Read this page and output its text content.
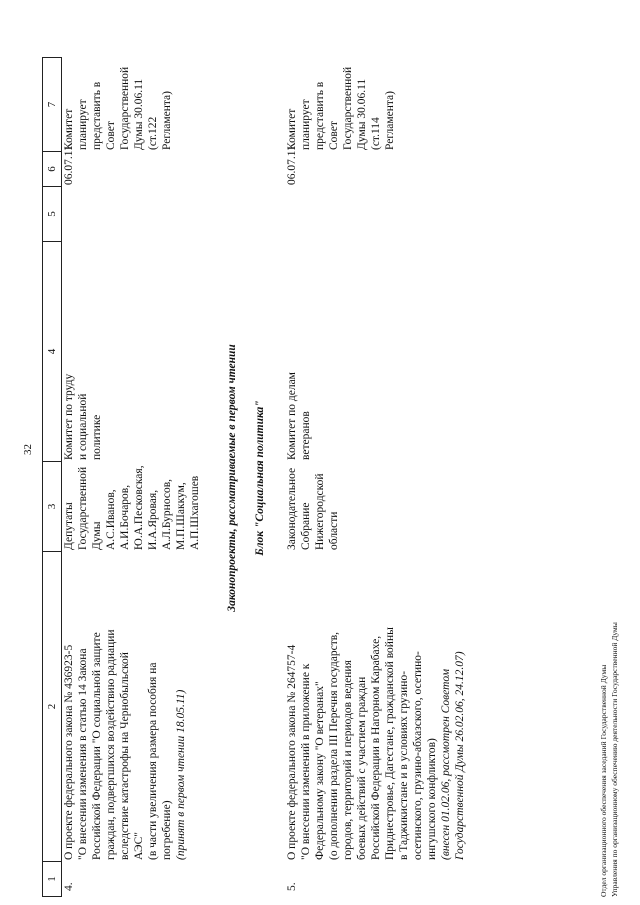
32
1
2
3
4
5
6
7
4.
О проекте федерального закона № 436923-5 "О внесении изменения в статью 14 Закона Российской Федерации "О социальной защите граждан, подвергшихся воздействию радиации вследствие катастрофы на Чернобыльской АЭС" (в части увеличения размера пособия на погребение) (принят в первом чтении 18.05.11)
Депутаты Государственной Думы А.С.Иванов, А.И.Бочаров, Ю.А.Песковская, И.А.Яровая, А.Л.Бурносов, М.П.Шаккум, А.П.Шхагошев
Комитет по труду и социальной политике
06.07.11
Комитет планирует представить в Совет Государственной Думы 30.06.11 (ст.122 Регламента)
Законопроекты, рассматриваемые в первом чтении Блок "Социальная политика"
5.
О проекте федерального закона № 264757-4 "О внесении изменений в приложение к Федеральному закону "О ветеранах" (о дополнении раздела III Перечня государств, городов, территорий и периодов ведения боевых действий с участием граждан Российской Федерации в Нагорном Карабахе, Приднестровье, Дагестане, гражданской войны в Таджикистане и в условиях грузино- осетинского, грузино-абхазского, осетино- ингушского конфликтов) (внесен 01.02.06, рассмотрен Советом Государственной Думы 26.02.06, 24.12.07)
Законодательное Собрание Нижегородской области
Комитет по делам ветеранов
06.07.11
Комитет планирует представить в Совет Государственной Думы 30.06.11 (ст.114 Регламента)
Отдел организационного обеспечения заседаний Государственной Думы Управления по организационному обеспечению деятельности Государственной Думы
